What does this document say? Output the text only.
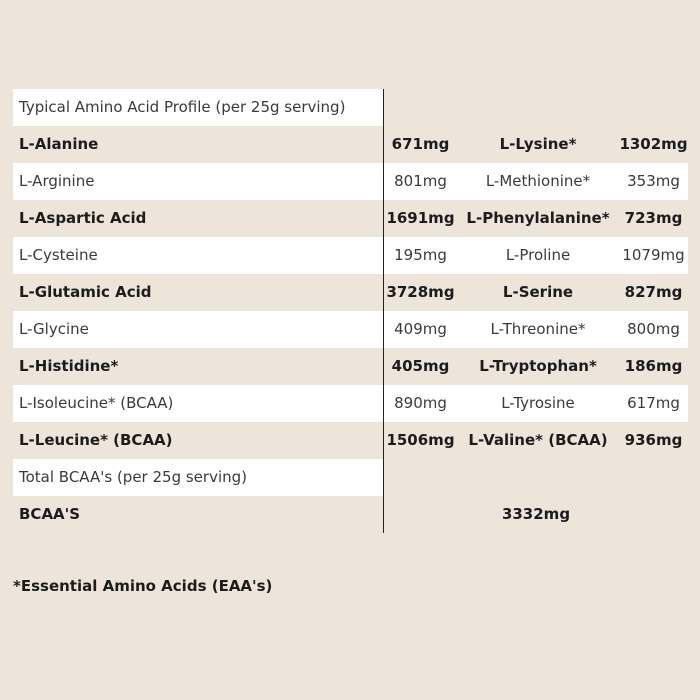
Typical Amino Acid Profile (per 25g serving)
L-Alanine	671mg	L-Lysine*	1302mg
L-Arginine	801mg	L-Methionine*	353mg
L-Aspartic Acid	1691mg L-Phenylalanine*	723mg
L-Cysteine	195mg	L-Proline	1079mg
L-Glutamic Acid	3728mg	L-Serine	827mg
L-Glycine	409mg	L-Threonine*	800mg
L-Histidine*	405mg	L-Tryptophan*	186mg
L-Isoleucine* (BCAA)	890mg	L-Tyrosine	617mg
L-Leucine* (BCAA)	1506mg L-Valine* (BCAA)	936mg
Total BCAA's (per 25g serving)
BCAA'S	3332mg
*Essential Amino Acids (EAA's)
